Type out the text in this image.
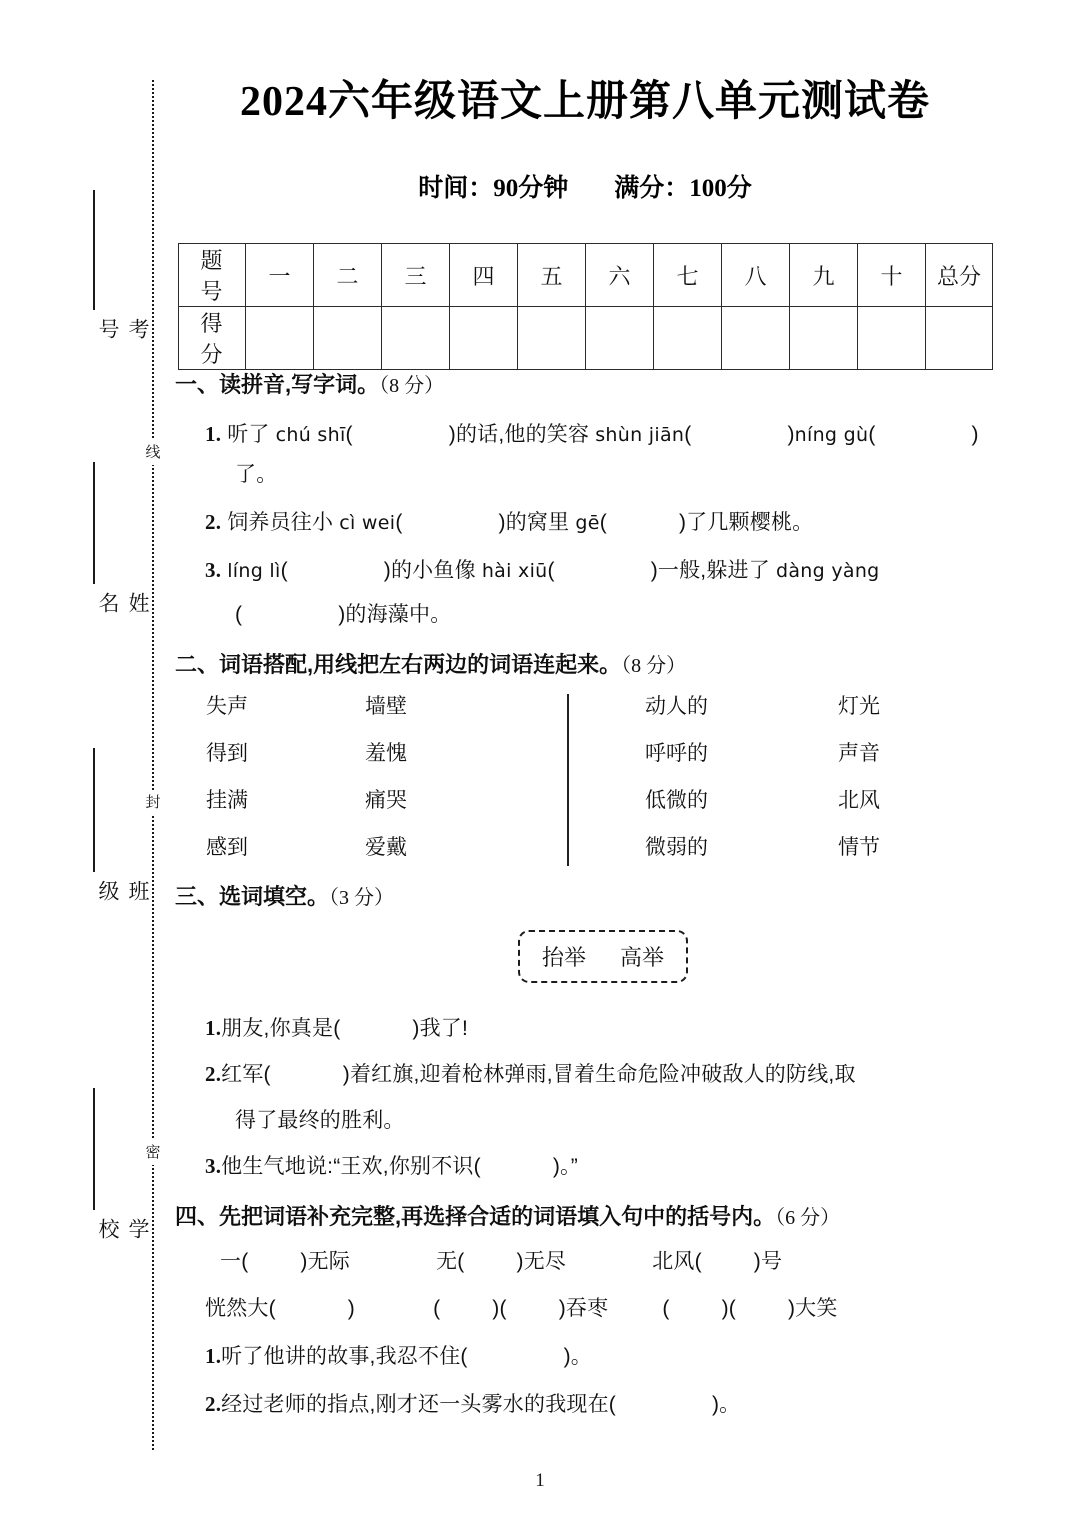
线
封
密
考号
姓名
班级
学校
2024六年级语文上册第八单元测试卷
时间：90分钟 满分：100分
题 号	一	二	三	四	五	六	七	八	九	十	总分
得 分											
一、读拼音,写字词。（8 分）
1. 听了 chú shī(	)的话,他的笑容 shùn jiān(	)níng gù(	)
了。
2. 饲养员往小 cì wei(	)的窝里 gē(	)了几颗樱桃。
3. líng lì(	)的小鱼像 hài xiū(	)一般,躲进了 dàng yàng
(	)的海藻中。
二、词语搭配,用线把左右两边的词语连起来。（8 分）
失声	墙壁
得到	羞愧
挂满	痛哭
感到	爱戴
动人的	灯光
呼呼的	声音
低微的	北风
微弱的	情节
三、选词填空。（3 分）
抬举 高举
1.朋友,你真是(	)我了!
2.红军(	)着红旗,迎着枪林弹雨,冒着生命危险冲破敌人的防线,取
得了最终的胜利。
3.他生气地说:“王欢,你别不识(	)。”
四、先把词语补充完整,再选择合适的词语填入句中的括号内。（6 分）
一( )无际	无( )无尽	北风( )号
恍然大(	)	( )( )吞枣	( )( )大笑
1.听了他讲的故事,我忍不住(	)。
2.经过老师的指点,刚才还一头雾水的我现在(	)。
1
